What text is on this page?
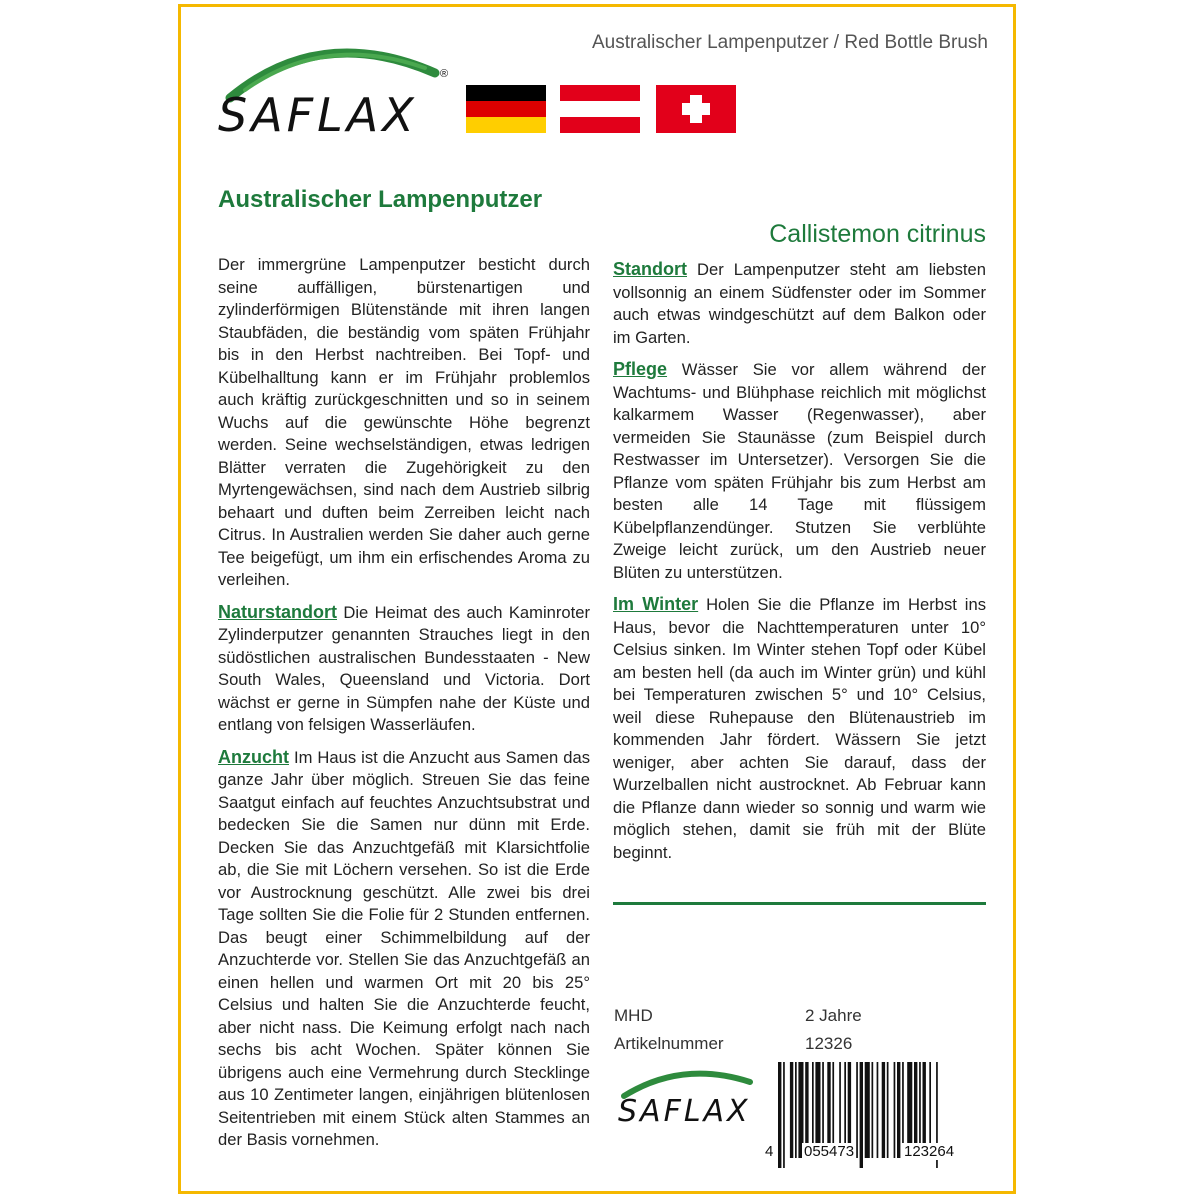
Australischer Lampenputzer / Red Bottle Brush
®
SAFLAX
Australischer Lampenputzer
Callistemon citrinus

Der immergrüne Lampenputzer besticht durch seine auffälligen, bürstenartigen und zylinderförmigen Blütenstände mit ihren langen Staubfäden, die beständig vom späten Frühjahr bis in den Herbst nachtreiben. Bei Topf- und Kübelhalltung kann er im Frühjahr problemlos auch kräftig zurückgeschnitten und so in seinem Wuchs auf die gewünschte Höhe begrenzt werden. Seine wechselständigen, etwas ledrigen Blätter verraten die Zugehörigkeit zu den Myrtengewächsen, sind nach dem Austrieb silbrig behaart und duften beim Zerreiben leicht nach Citrus. In Australien werden Sie daher auch gerne Tee beigefügt, um ihm ein erfischendes Aroma zu verleihen.

Naturstandort Die Heimat des auch Kaminroter Zylinderputzer genannten Strauches liegt in den südöstlichen australischen Bundesstaaten - New South Wales, Queensland und Victoria. Dort wächst er gerne in Sümpfen nahe der Küste und entlang von felsigen Wasserläufen.

Anzucht Im Haus ist die Anzucht aus Samen das ganze Jahr über möglich. Streuen Sie das feine Saatgut einfach auf feuchtes Anzuchtsubstrat und bedecken Sie die Samen nur dünn mit Erde. Decken Sie das Anzuchtgefäß mit Klarsichtfolie ab, die Sie mit Löchern versehen. So ist die Erde vor Austrocknung geschützt. Alle zwei bis drei Tage sollten Sie die Folie für 2 Stunden entfernen. Das beugt einer Schimmelbildung auf der Anzuchterde vor. Stellen Sie das Anzuchtgefäß an einen hellen und warmen Ort mit 20 bis 25° Celsius und halten Sie die Anzuchterde feucht, aber nicht nass. Die Keimung erfolgt nach nach sechs bis acht Wochen. Später können Sie übrigens auch eine Vermehrung durch Stecklinge aus 10 Zentimeter langen, einjährigen blütenlosen Seitentrieben mit einem Stück alten Stammes an der Basis vornehmen.

Standort Der Lampenputzer steht am liebsten vollsonnig an einem Südfenster oder im Sommer auch etwas windgeschützt auf dem Balkon oder im Garten.

Pflege Wässer Sie vor allem während der Wachtums- und Blühphase reichlich mit möglichst kalkarmem Wasser (Regenwasser), aber vermeiden Sie Staunässe (zum Beispiel durch Restwasser im Untersetzer). Versorgen Sie die Pflanze vom späten Frühjahr bis zum Herbst am besten alle 14 Tage mit flüssigem Kübelpflanzendünger. Stutzen Sie verblühte Zweige leicht zurück, um den Austrieb neuer Blüten zu unterstützen.

Im Winter Holen Sie die Pflanze im Herbst ins Haus, bevor die Nachttemperaturen unter 10° Celsius sinken. Im Winter stehen Topf oder Kübel am besten hell (da auch im Winter grün) und kühl bei Temperaturen zwischen 5° und 10° Celsius, weil diese Ruhepause den Blütenaustrieb im kommenden Jahr fördert. Wässern Sie jetzt weniger, aber achten Sie darauf, dass der Wurzelballen nicht austrocknet. Ab Februar kann die Pflanze dann wieder so sonnig und warm wie möglich stehen, damit sie früh mit der Blüte beginnt.

MHD	2 Jahre
Artikelnummer	12326
SAFLAX
4 055473	123264
